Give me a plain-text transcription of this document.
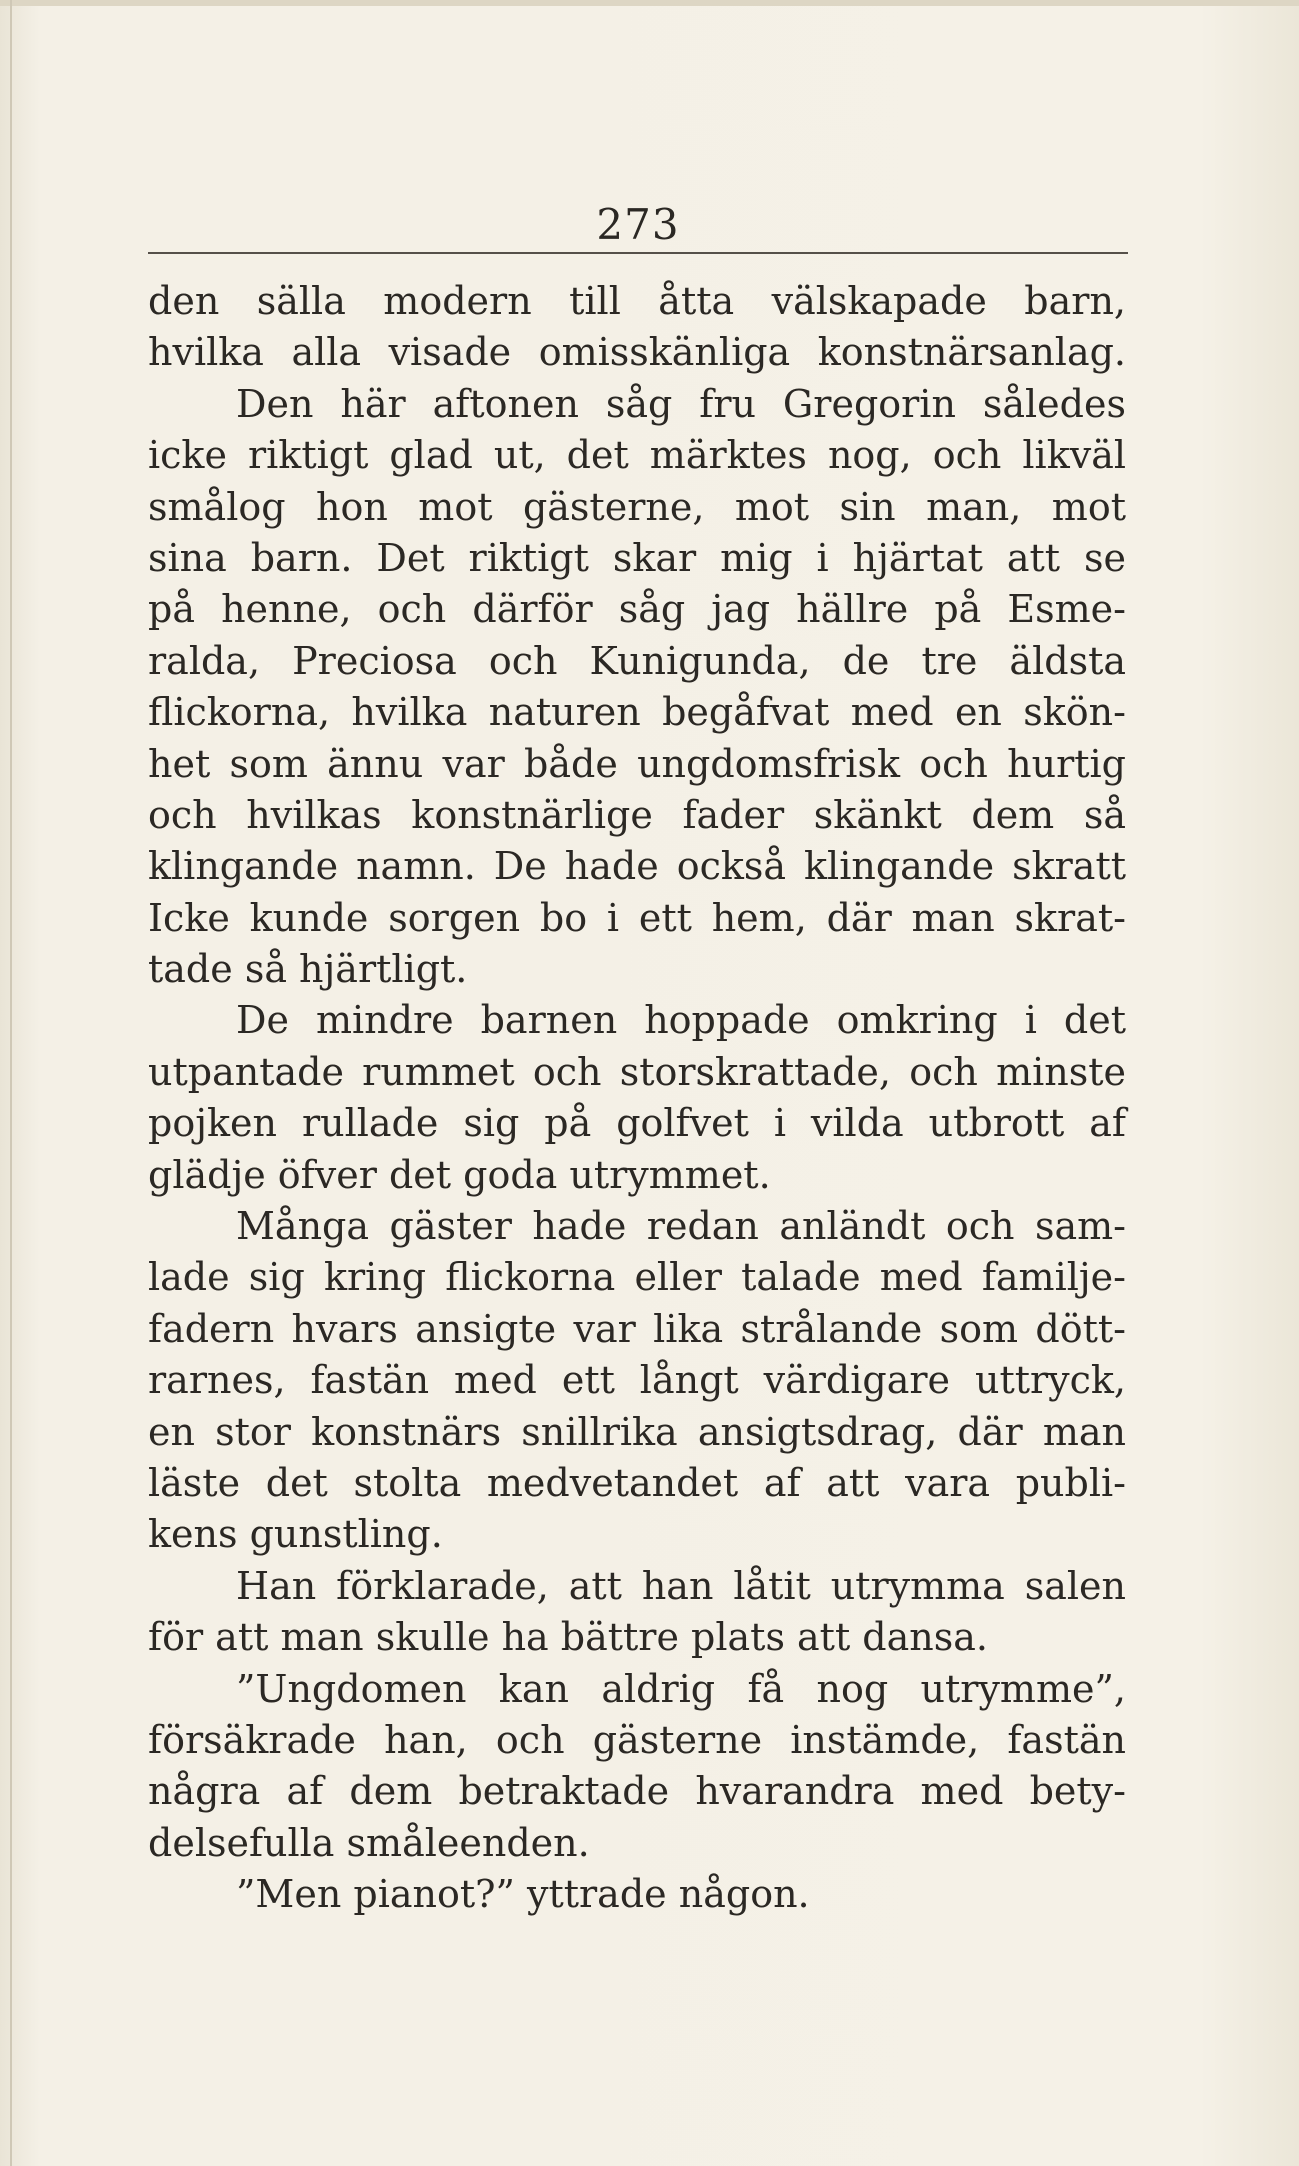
273
den sälla modern till åtta välskapade barn,
hvilka alla visade omisskänliga konstnärsanlag.
Den här aftonen såg fru Gregorin således
icke riktigt glad ut, det märktes nog, och likväl
smålog hon mot gästerne, mot sin man, mot
sina barn. Det riktigt skar mig i hjärtat att se
på henne, och därför såg jag hällre på Esme-
ralda, Preciosa och Kunigunda, de tre äldsta
flickorna, hvilka naturen begåfvat med en skön-
het som ännu var både ungdomsfrisk och hurtig
och hvilkas konstnärlige fader skänkt dem så
klingande namn. De hade också klingande skratt
Icke kunde sorgen bo i ett hem, där man skrat-
tade så hjärtligt.
De mindre barnen hoppade omkring i det
utpantade rummet och storskrattade, och minste
pojken rullade sig på golfvet i vilda utbrott af
glädje öfver det goda utrymmet.
Många gäster hade redan anländt och sam-
lade sig kring flickorna eller talade med familje-
fadern hvars ansigte var lika strålande som dött-
rarnes, fastän med ett långt värdigare uttryck,
en stor konstnärs snillrika ansigtsdrag, där man
läste det stolta medvetandet af att vara publi-
kens gunstling.
Han förklarade, att han låtit utrymma salen
för att man skulle ha bättre plats att dansa.
”Ungdomen kan aldrig få nog utrymme”,
försäkrade han, och gästerne instämde, fastän
några af dem betraktade hvarandra med bety-
delsefulla småleenden.
”Men pianot?” yttrade någon.
